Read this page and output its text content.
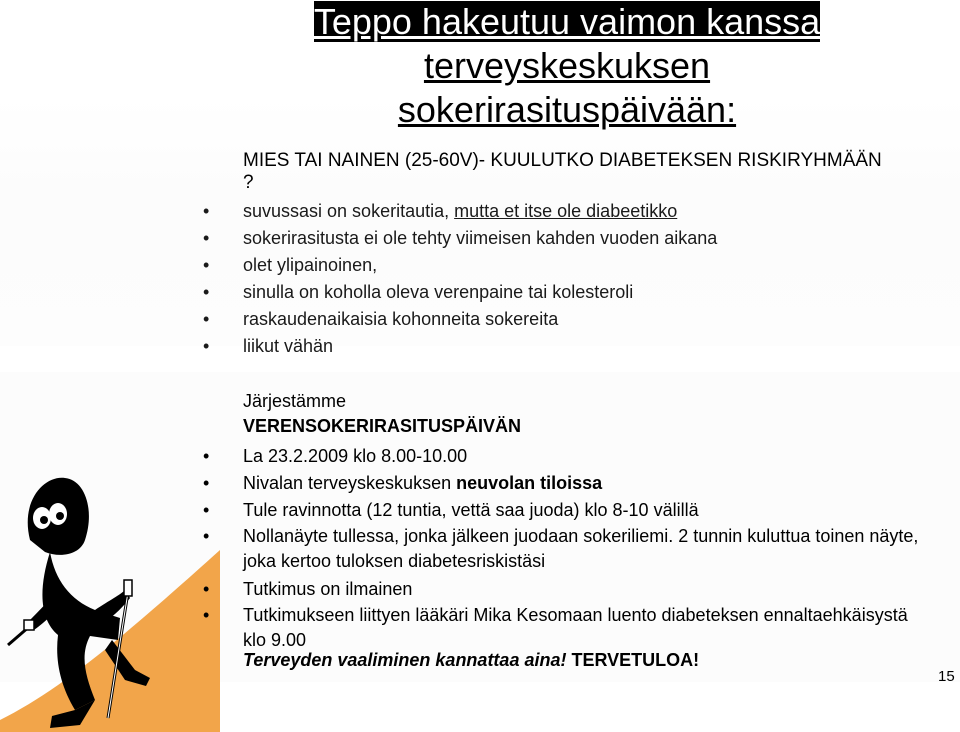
Teppo hakeutuu vaimon kanssa
terveyskeskuksen
sokerirasituspäivään:
MIES TAI NAINEN (25-60V)- KUULUTKO DIABETEKSEN RISKIRYHMÄÄN ?
• suvussasi on sokeritautia, mutta et itse ole diabeetikko
• sokerirasitusta ei ole tehty viimeisen kahden vuoden aikana
• olet ylipainoinen,
• sinulla on koholla oleva verenpaine tai kolesteroli
• raskaudenaikaisia kohonneita sokereita
• liikut vähän
Järjestämme
VERENSOKERIRASITUSPÄIVÄN
• La 23.2.2009 klo 8.00-10.00
• Nivalan terveyskeskuksen neuvolan tiloissa
• Tule ravinnotta (12 tuntia, vettä saa juoda) klo 8-10 välillä
• Nollanäyte tullessa, jonka jälkeen juodaan sokeriliemi. 2 tunnin kuluttua toinen näyte, joka kertoo tuloksen diabetesriskistäsi
• Tutkimus on ilmainen
• Tutkimukseen liittyen lääkäri Mika Kesomaan luento diabeteksen ennaltaehkäisystä klo 9.00
Terveyden vaaliminen kannattaa aina! TERVETULOA!
15
